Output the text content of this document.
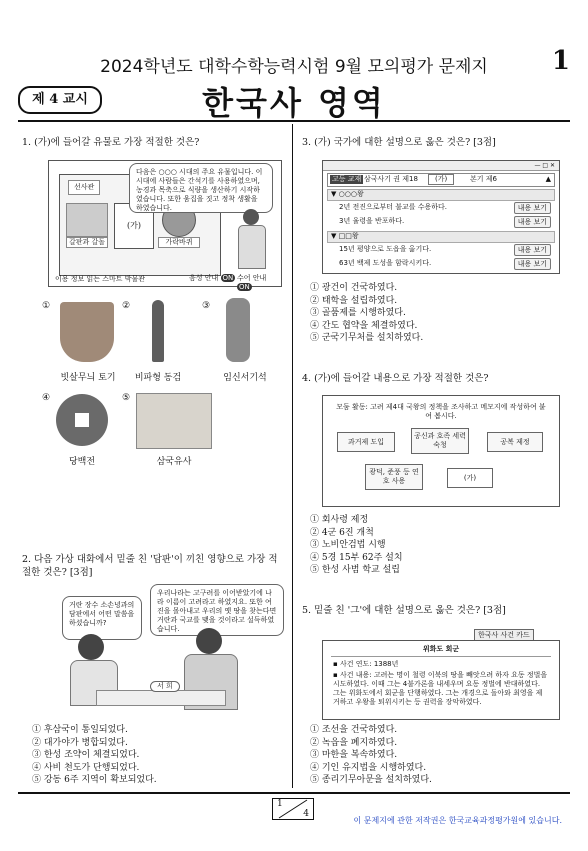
2024학년도 대학수학능력시험 9월 모의평가 문제지	1
제 4 교시	한국사 영역
1. (가)에 들어갈 유물로 가장 적절한 것은?
선사관
갈판과 갈돌
(가)
가락바퀴
다음은 ○○○ 시대의 주요 유물입니다. 이 시대에 사람들은 간석기를 사용하였으며, 농경과 목축으로 식량을 생산하기 시작하였습니다. 또한 움집을 짓고 정착 생활을 하였습니다.
이용 정보 읽는 스마트 박물관	음성 안내 ON 수어 안내 ON
①
빗살무늬 토기
②
비파형 동검
③
임신서기석
④
당백전
⑤
삼국유사
2. 다음 가상 대화에서 밑줄 친 '담판'이 끼친 영향으로 가장 적절한 것은? [3점]
거란 장수 소손녕과의 담판에서 어떤 말씀을 하셨습니까?
우리나라는 고구려를 이어받았기에 나라 이름이 고려라고 하였지요. 또한 여진을 몰아내고 우리의 옛 땅을 찾는다면 거란과 국교를 맺을 것이라고 설득하였습니다.
서 희
① 후삼국이 통일되었다.
② 대가야가 병합되었다.
③ 한성 조약이 체결되었다.
④ 사비 천도가 단행되었다.
⑤ 강동 6주 지역이 확보되었다.
3. (가) 국가에 대한 설명으로 옳은 것은? [3점]
— □ ✕
고등 교재 삼국사기 권 제18	(가)	본기 제6	▲
▼ ○○○왕
2년 전진으로부터 불교를 수용하다.	내용 보기
3년 율령을 반포하다.	내용 보기
▼ □□왕
15년 평양으로 도읍을 옮기다.	내용 보기
63년 백제 도성을 함락시키다.	내용 보기
① 광건이 건국하였다.
② 태학을 설립하였다.
③ 골품제를 시행하였다.
④ 간도 협약을 체결하였다.
⑤ 군국기무처를 설치하였다.
4. (가)에 들어갈 내용으로 가장 적절한 것은?
모둠 활동: 고려 제4대 국왕의 정책을 조사하고 메모지에 작성하여 붙여 봅시다.
과거제 도입
공신과 호족 세력 숙청	공복 제정
광덕, 준풍 등 연호 사용	(가)
① 회사령 제정
② 4군 6진 개척
③ 노비안검법 시행
④ 5경 15부 62주 설치
⑤ 한성 사범 학교 설립
5. 밑줄 친 '그'에 대한 설명으로 옳은 것은? [3점]
한국사 사건 카드
위화도 회군
▪ 사건 연도: 1388년
▪ 사건 내용: 고려는 명이 철령 이북의 땅을 빼앗으려 하자 요동 정벌을 시도하였다. 이때 그는 4불가론을 내세우며 요동 정벌에 반대하였다. 그는 위화도에서 회군을 단행하였다. 그는 개경으로 돌아와 최영을 제거하고 우왕을 퇴위시키는 등 권력을 장악하였다.
① 조선을 건국하였다.
② 녹읍을 폐지하였다.
③ 마한을 복속하였다.
④ 기인 유지법을 시행하였다.
⑤ 종리기무아문을 설치하였다.
1
4
이 문제지에 관한 저작권은 한국교육과정평가원에 있습니다.
